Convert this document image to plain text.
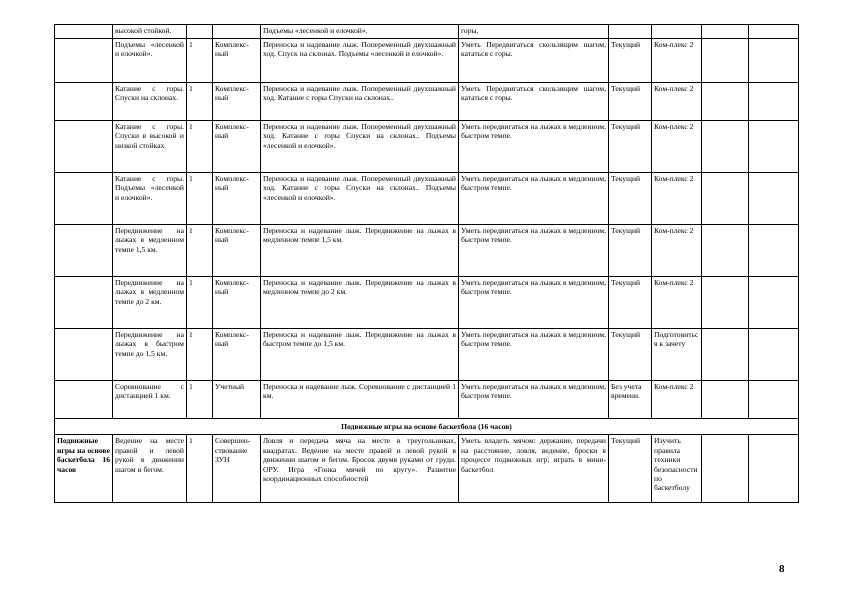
	высокой стойкой.			Подъемы «лесенкой и елочкой».	горы.				
	Подъемы «лесенкой и елочкой».	1	Комплекс-ный	Переноска и надевание лыж. Попеременный двухшажный ход. Спуск на склонах. Подъемы «лесенкой и елочкой».	Уметь Передвигаться скользящим шагом, кататься с горы.	Текущий	Ком-плекс 2		
	Катание с горы. Спуски на склонах.	1	Комплекс-ный	Переноска и надевание лыж. Попеременный двухшажный ход. Катание с горы Спуски на склонах..	Уметь Передвигаться скользящим шагом, кататься с горы.	Текущий	Ком-плекс 2		
	Катание с горы. Спуски в высокой и низкой стойках	1	Комплекс-ный	Переноска и надевание лыж. Попеременный двухшажный ход. Катание с горы Спуски на склонах.. Подъемы «лесенкой и елочкой».	Уметь передвигаться на лыжах в медленном, быстром темпе.	Текущий	Ком-плекс 2		
	Катание с горы. Подъемы «лесенкой и елочкой».	1	Комплекс-ный	Переноска и надевание лыж. Попеременный двухшажный ход. Катание с горы Спуски на склонах.. Подъемы «лесенкой и елочкой».	Уметь передвигаться на лыжах в медленном, быстром темпе.	Текущий	Ком-плекс 2		
	Передвижение на лыжах в медленном темпе 1,5 км.	1	Комплекс-ный	Переноска и надевание лыж. Передвижение на лыжах в медленном темпе 1,5 км.	Уметь передвигаться на лыжах в медленном, быстром темпе.	Текущий	Ком-плекс 2		
	Передвижение на лыжах в медленном темпе до 2 км.	1	Комплекс-ный	Переноска и надевание лыж. Передвижение на лыжах в медленном темпе до 2 км.	Уметь передвигаться на лыжах в медленном, быстром темпе.	Текущий	Ком-плекс 2		
	Передвижение на лыжах в быстром темпе до 1,5 км.	1	Комплекс-ный	Переноска и надевание лыж. Передвижение на лыжах в быстром темпе до 1,5 км.	Уметь передвигаться на лыжах в медленном, быстром темпе.	Текущий	Подготовиться к зачету		
	Соревнование с дистанцией 1 км.	1	Учетный	Переноска и надевание лыж. Соревнование с дистанцией 1 км.	Уметь передвигаться на лыжах в медленном, быстром темпе.	Без учета времени.	Ком-плекс 2		
Подвижные игры на основе баскетбола (16 часов)									
Подвижные игры на основе баскетбола 16 часов	Ведение на месте правой и левой рукой в движении шагом и бегом.	1	Совершен-ствование ЗУН	Ловля и передача мяча на месте в треугольниках, квадратах. Ведение на месте правой и левой рукой в движении шагом и бегом. Бросок двумя руками от груди. ОРУ. Игра «Гонка мячей по кругу». Развитие координационных способностей	Уметь владеть мячом: держание, передачи на расстояние, ловля, ведение, броски в процессе подвижных игр; играть в мини-баскетбол	Текущий	Изучить правила техники безопасности по баскетболу		
8
